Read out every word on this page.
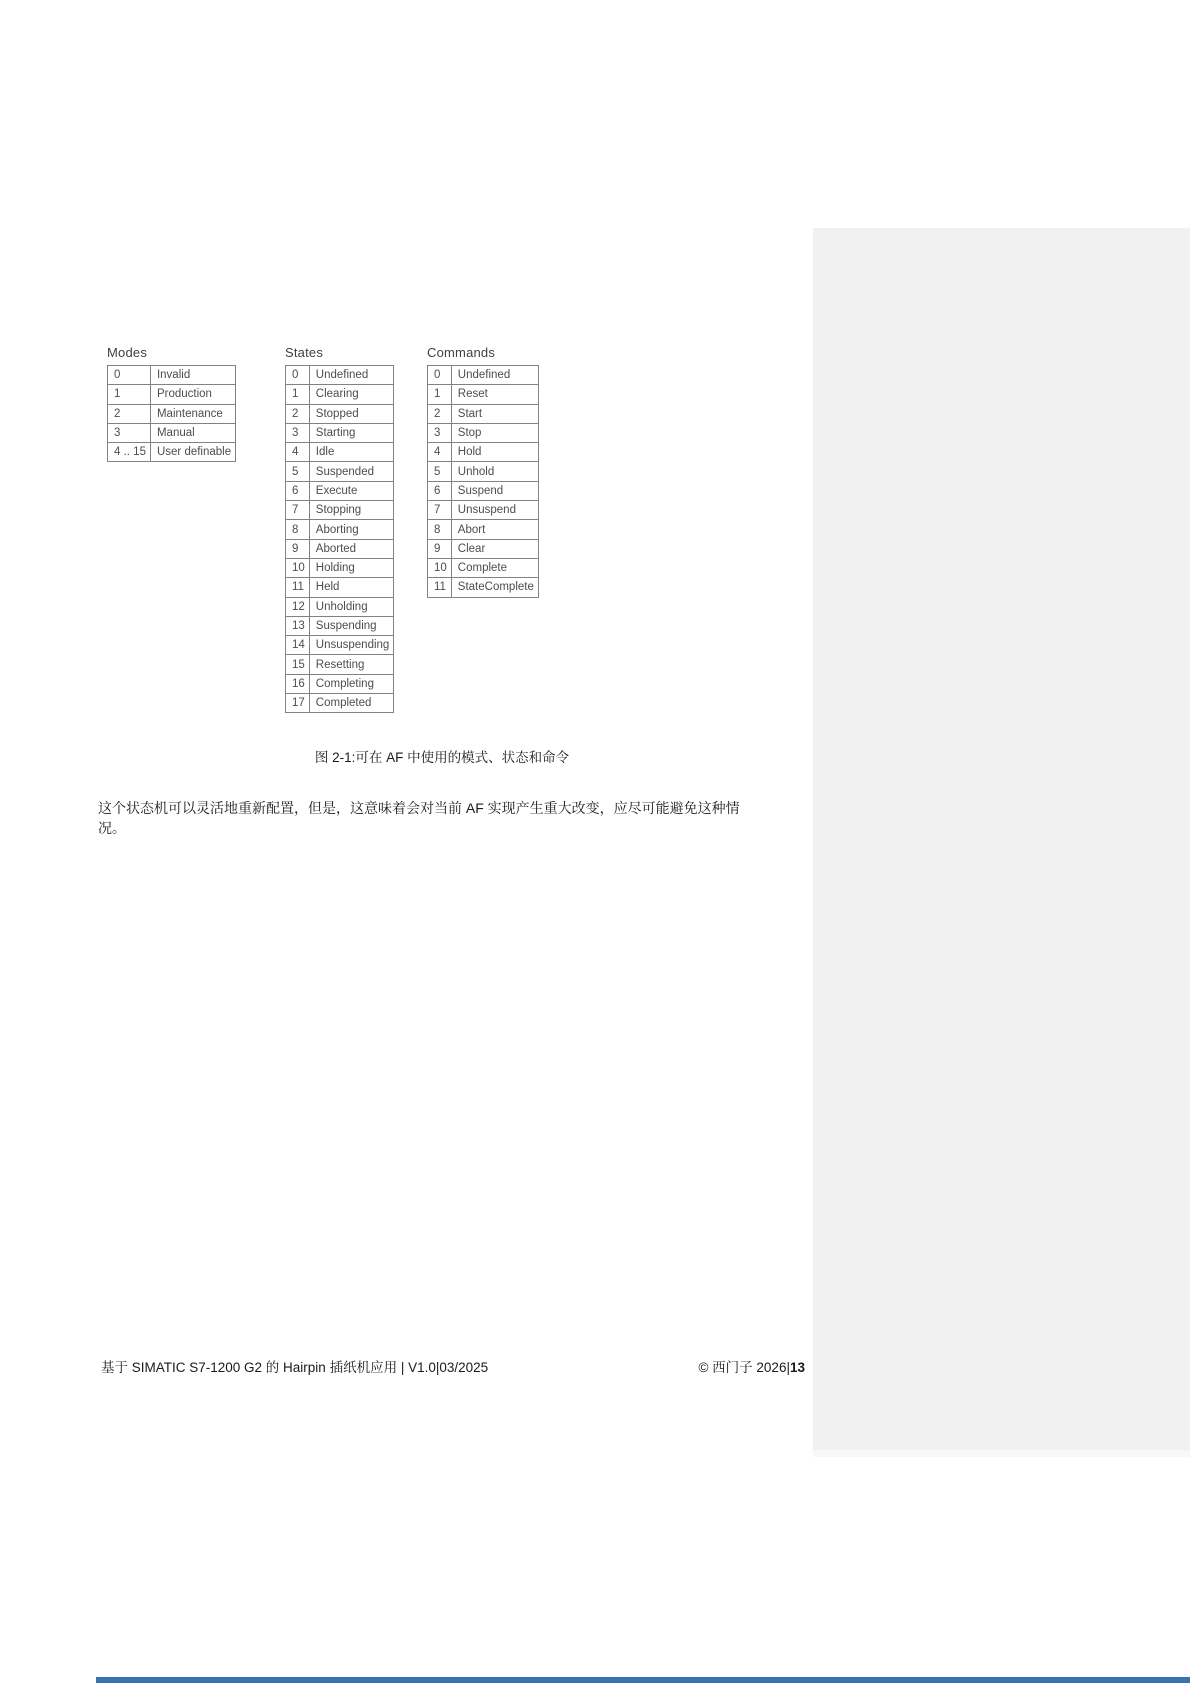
Modes
0	Invalid
1	Production
2	Maintenance
3	Manual
4 .. 15	User definable
States
0	Undefined
1	Clearing
2	Stopped
3	Starting
4	Idle
5	Suspended
6	Execute
7	Stopping
8	Aborting
9	Aborted
10	Holding
11	Held
12	Unholding
13	Suspending
14	Unsuspending
15	Resetting
16	Completing
17	Completed
Commands
0	Undefined
1	Reset
2	Start
3	Stop
4	Hold
5	Unhold
6	Suspend
7	Unsuspend
8	Abort
9	Clear
10	Complete
11	StateComplete
图 2-1:可在 AF 中使用的模式、状态和命令

这个状态机可以灵活地重新配置，但是，这意味着会对当前 AF 实现产生重大改变，应尽可能避免这种情况。

基于 SIMATIC S7-1200 G2 的 Hairpin 插纸机应用 | V1.0|03/2025	© 西门子 2026|13
